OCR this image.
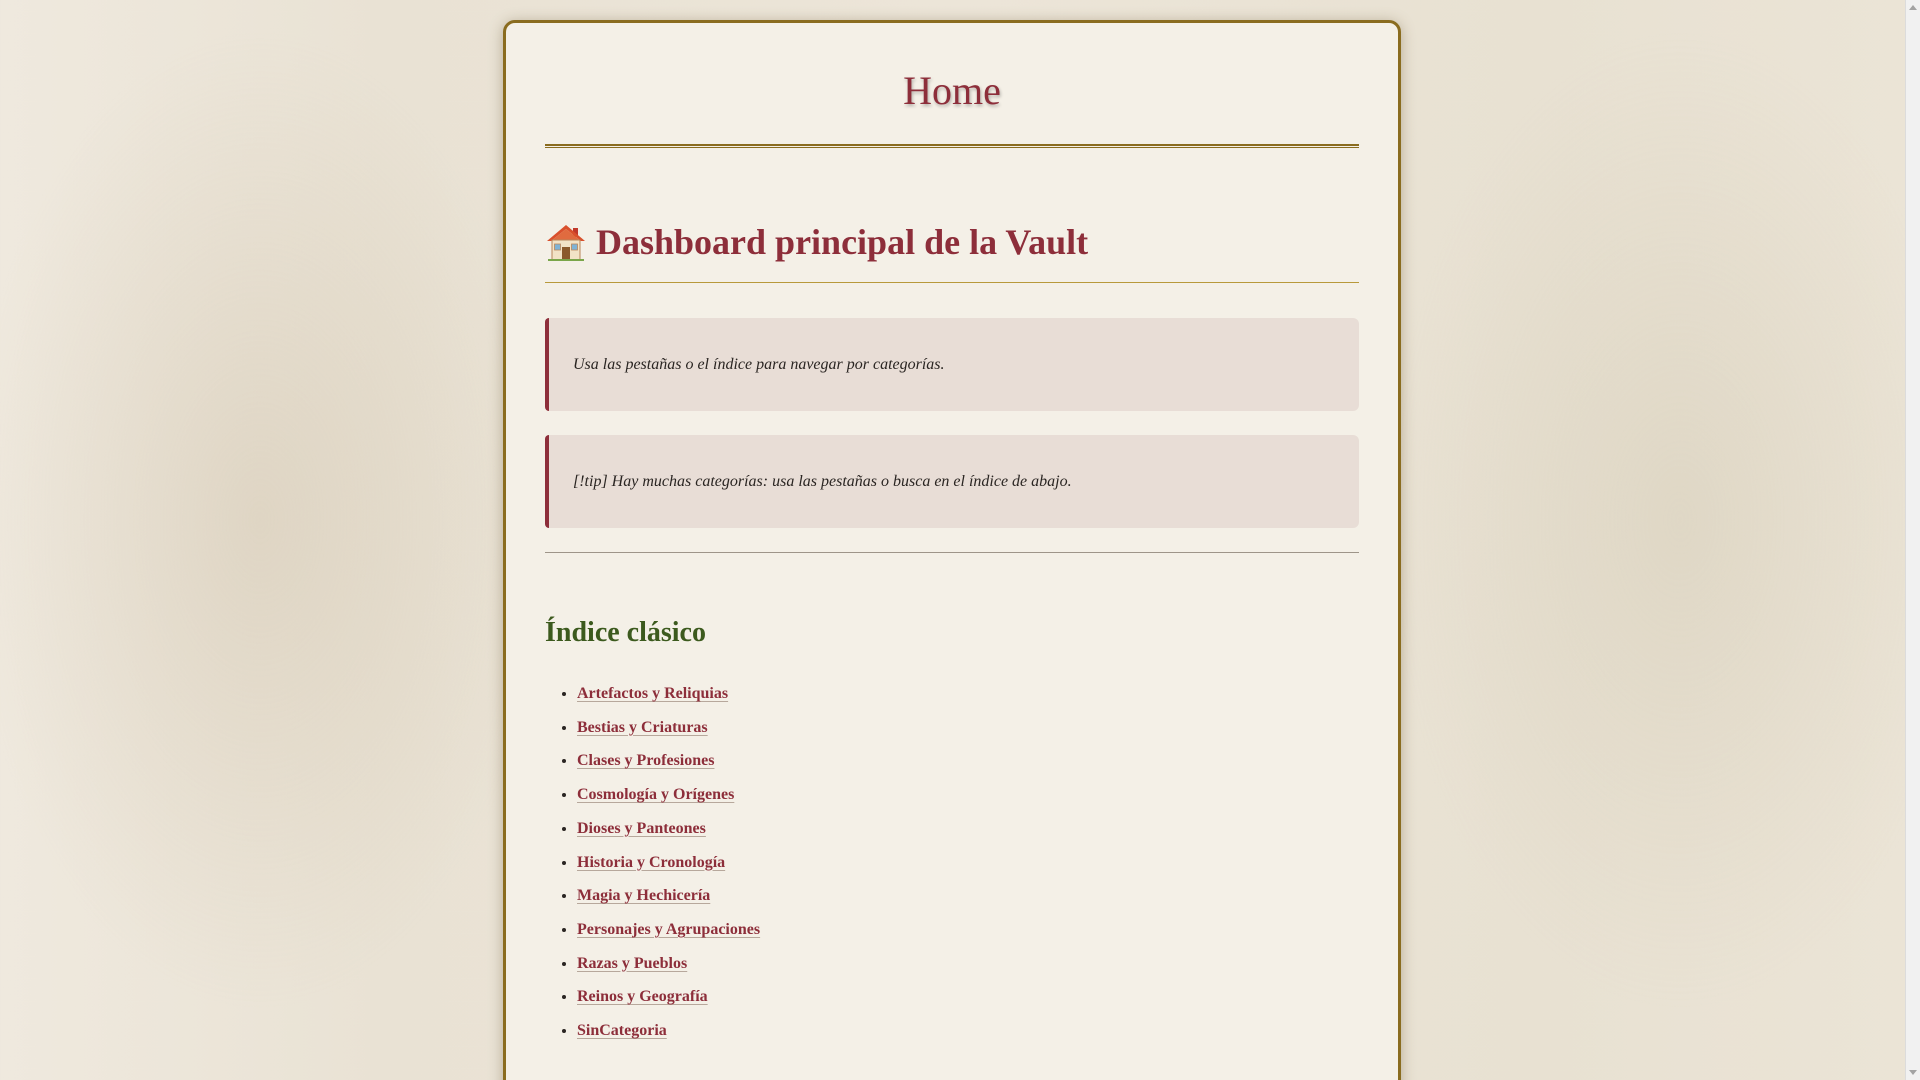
Home
Dashboard principal de la Vault
Usa las pestañas o el índice para navegar por categorías.
[!tip] Hay muchas categorías: usa las pestañas o busca en el índice de abajo.
Índice clásico
• Artefactos y Reliquias
• Bestias y Criaturas
• Clases y Profesiones
• Cosmología y Orígenes
• Dioses y Panteones
• Historia y Cronología
• Magia y Hechicería
• Personajes y Agrupaciones
• Razas y Pueblos
• Reinos y Geografía
• SinCategoria
